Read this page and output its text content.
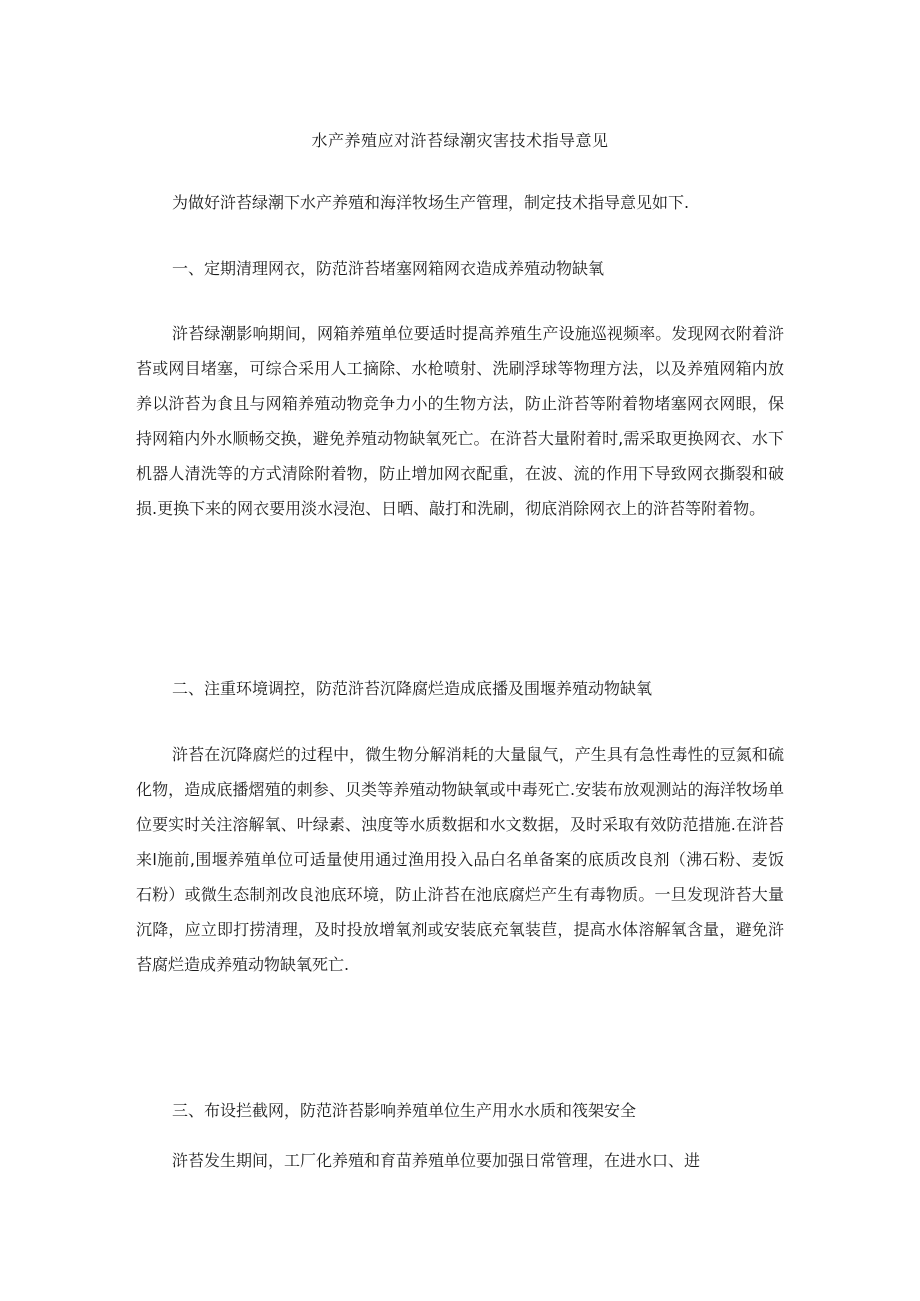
水产养殖应对浒苔绿潮灾害技术指导意见

为做好浒苔绿潮下水产养殖和海洋牧场生产管理，制定技术指导意见如下.

一、定期清理网衣，防范浒苔堵塞网箱网衣造成养殖动物缺氧

浒苔绿潮影响期间，网箱养殖单位要适时提高养殖生产设施巡视频率。发现网衣附着浒苔或网目堵塞，可综合采用人工摘除、水枪喷射、洗刷浮球等物理方法，以及养殖网箱内放养以浒苔为食且与网箱养殖动物竞争力小的生物方法，防止浒苔等附着物堵塞网衣网眼，保持网箱内外水顺畅交换，避免养殖动物缺氧死亡。在浒苔大量附着时,需采取更换网衣、水下机器人清洗等的方式清除附着物，防止增加网衣配重，在波、流的作用下导致网衣撕裂和破损.更换下来的网衣要用淡水浸泡、日晒、敲打和洗刷，彻底消除网衣上的浒苔等附着物。

二、注重环境调控，防范浒苔沉降腐烂造成底播及围堰养殖动物缺氧

浒苔在沉降腐烂的过程中，微生物分解消耗的大量鼠气，产生具有急性毒性的豆氮和硫化物，造成底播熠殖的刺参、贝类等养殖动物缺氧或中毒死亡.安装布放观测站的海洋牧场单位要实时关注溶解氧、叶绿素、浊度等水质数据和水文数据，及时采取有效防范措施.在浒苔来l施前,围堰养殖单位可适量使用通过渔用投入品白名单备案的底质改良剂（沸石粉、麦饭石粉）或微生态制剂改良池底环境，防止浒苔在池底腐烂产生有毒物质。一旦发现浒苔大量沉降，应立即打捞清理，及时投放增氧剂或安装底充氧装苣，提高水体溶解氧含量，避免浒苔腐烂造成养殖动物缺氧死亡.

三、布设拦截网，防范浒苔影响养殖单位生产用水水质和筏架安全

浒苔发生期间，工厂化养殖和育苗养殖单位要加强日常管理，在进水口、进
